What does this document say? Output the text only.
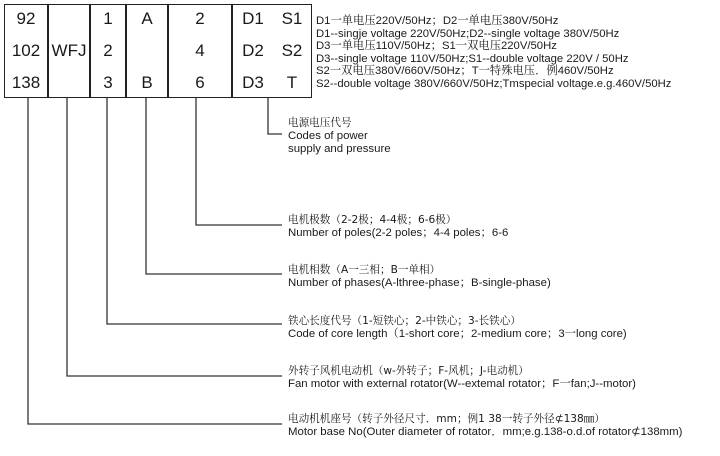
92
102
138
WFJ
1
2
3
A
B
2
4
6
D1
D2
D3
S1
S2
T
D1一单电压220V/50Hz；D2一单电压380V/50Hz
D1--singje voltage 220V/50Hz;D2--single voltage 380V/50Hz
D3一单电压110V/50Hz；S1一双电压220V/50Hz
D3--single voltage 110V/50Hz;S1--double voltage 220V / 50Hz
S2一双电压380V/660V/50Hz；T一特殊电压．例460V/50Hz
S2--double voltage 380V/660V/50Hz;Tmspecial voltage.e.g.460V/50Hz
电源电压代号
Codes of power
supply and pressure
电机极数（2-2极；4-4极；6-6极）
Number of poles(2-2 poles；4-4 poles；6-6
电机相数（A一三相；B一单相）
Number of phases(A-lthree-phase；B-single-phase)
铁心长度代号（1-短铁心；2-中铁心；3-长铁心）
Code of core length（1-short core；2-medium core；3一long core)
外转子风机电动机（w-外转子；F-风机；J-电动机）
Fan motor with external rotator(W--extemal rotator；F一fan;J--motor)
电动机机座号（转子外径尺寸．mm；例1 38一转子外径⊄138㎜）
Motor base No(Outer diameter of rotator．mm;e.g.138-o.d.of rotator⊄138mm)
